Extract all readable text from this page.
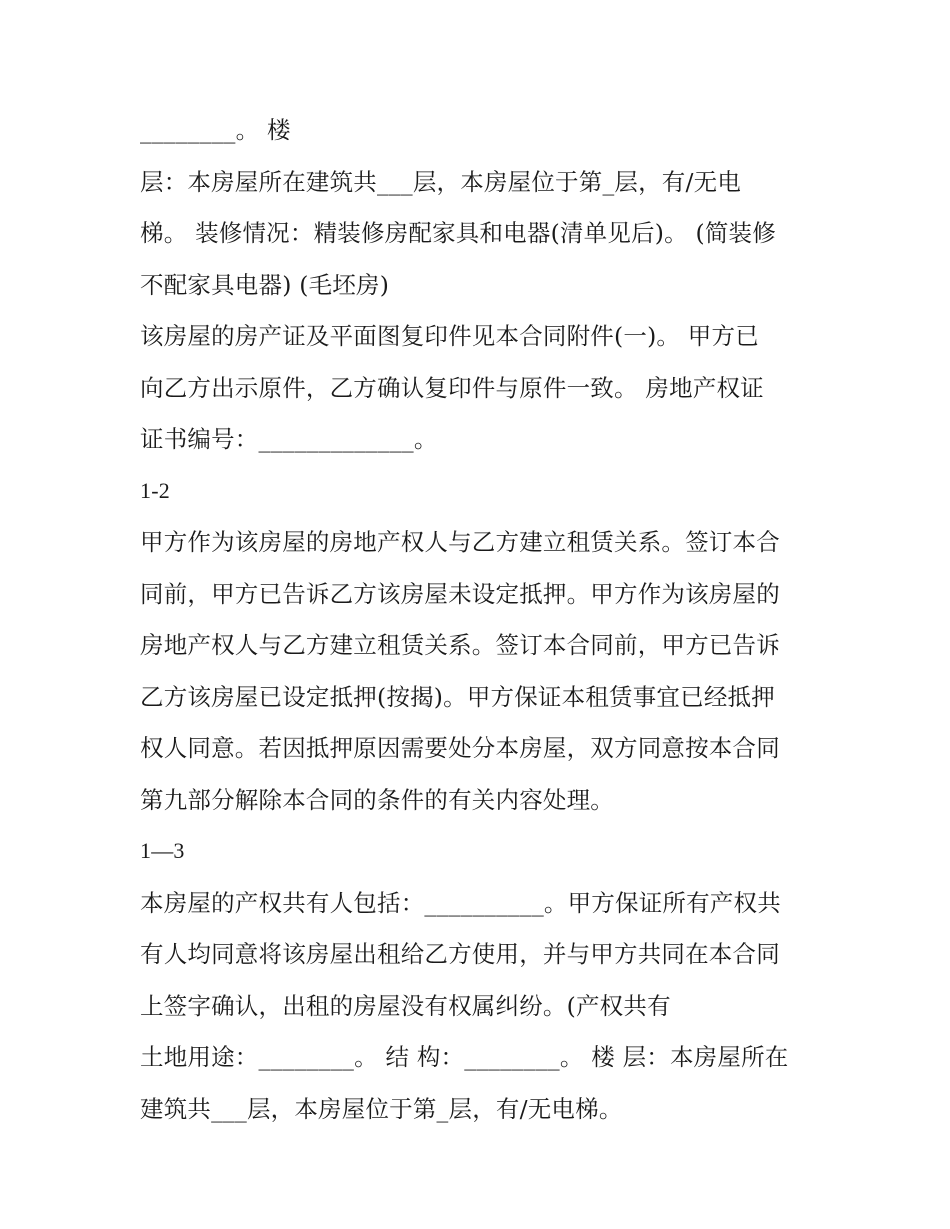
________。 楼
层：本房屋所在建筑共___层，本房屋位于第_层，有/无电
梯。 装修情况：精装修房配家具和电器(清单见后)。 (简装修
不配家具电器) (毛坯房)
该房屋的房产证及平面图复印件见本合同附件(一)。 甲方已
向乙方出示原件，乙方确认复印件与原件一致。 房地产权证
证书编号：_____________。
1-2
甲方作为该房屋的房地产权人与乙方建立租赁关系。签订本合
同前，甲方已告诉乙方该房屋未设定抵押。甲方作为该房屋的
房地产权人与乙方建立租赁关系。签订本合同前，甲方已告诉
乙方该房屋已设定抵押(按揭)。甲方保证本租赁事宜已经抵押
权人同意。若因抵押原因需要处分本房屋，双方同意按本合同
第九部分解除本合同的条件的有关内容处理。
1—3
本房屋的产权共有人包括：__________。甲方保证所有产权共
有人均同意将该房屋出租给乙方使用，并与甲方共同在本合同
上签字确认，出租的房屋没有权属纠纷。(产权共有
土地用途：________。 结 构：________。 楼 层：本房屋所在
建筑共___层，本房屋位于第_层，有/无电梯。
